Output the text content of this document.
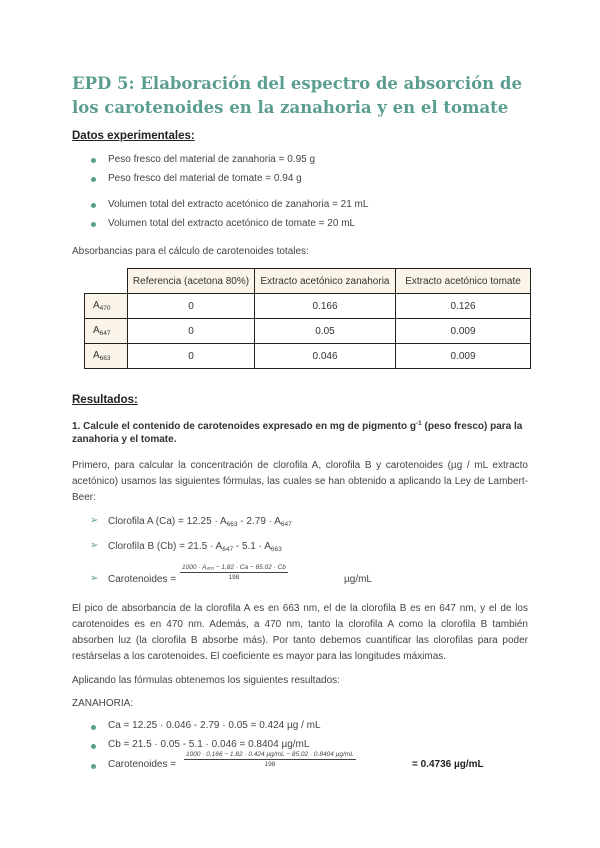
EPD 5: Elaboración del espectro de absorción de los carotenoides en la zanahoria y en el tomate
Datos experimentales:
Peso fresco del material de zanahoria = 0.95 g
Peso fresco del material de tomate = 0.94 g
Volumen total del extracto acetónico de zanahoria = 21 mL
Volumen total del extracto acetónico de tomate = 20 mL
Absorbancias para el cálculo de carotenoides totales:
	Referencia (acetona 80%)	Extracto acetónico zanahoria	Extracto acetónico tomate
$A_{470}$	0	0.166	0.126
$A_{647}$	0	0.05	0.009
$A_{663}$	0	0.046	0.009
Resultados:
1. Calcule el contenido de carotenoides expresado en mg de pigmento $g^{-1}$ (peso fresco) para la
zanahoria y el tomate.
Primero, para calcular la concentración de clorofila A, clorofila B y carotenoides (µg / mL extracto acetónico) usamos las siguientes fórmulas, las cuales se han obtenido a aplicando la Ley de Lambert-Beer:
➢ Clorofila A $(Ca) = 12.25 \cdot A_{663} - 2.79 \cdot A_{647}$
➢ Clorofila B $(Cb) = 21.5 \cdot A_{647} - 5.1 \cdot A_{663}$
➢ Carotenoides = $\frac{\text{1000 · A₄₇₀ − 1.82 · Ca − 85.02 · Cb}}{198}$	µg/mL
El pico de absorbancia de la clorofila A es en 663 nm, el de la clorofila B es en 647 nm, y el de los carotenoides es en 470 nm. Además, a 470 nm, tanto la clorofila A como la clorofila B también absorben luz (la clorofila B absorbe más). Por tanto debemos cuantificar las clorofilas para poder restárselas a los carotenoides. El coeficiente es mayor para las longitudes máximas.
Aplicando las fórmulas obtenemos los siguientes resultados:
ZANAHORIA:
Ca = 12.25 · 0.046 - 2.79 · 0.05 = 0.424 µg / mL
Cb = 21.5 · 0.05 - 5.1 · 0.046 = 0.8404 µg/mL
Carotenoides =
1000 · 0.166 − 1.82 · 0.424 µg/mL − 85.02 · 0.8404 µg/mL
198	= 0.4736 µg/mL
